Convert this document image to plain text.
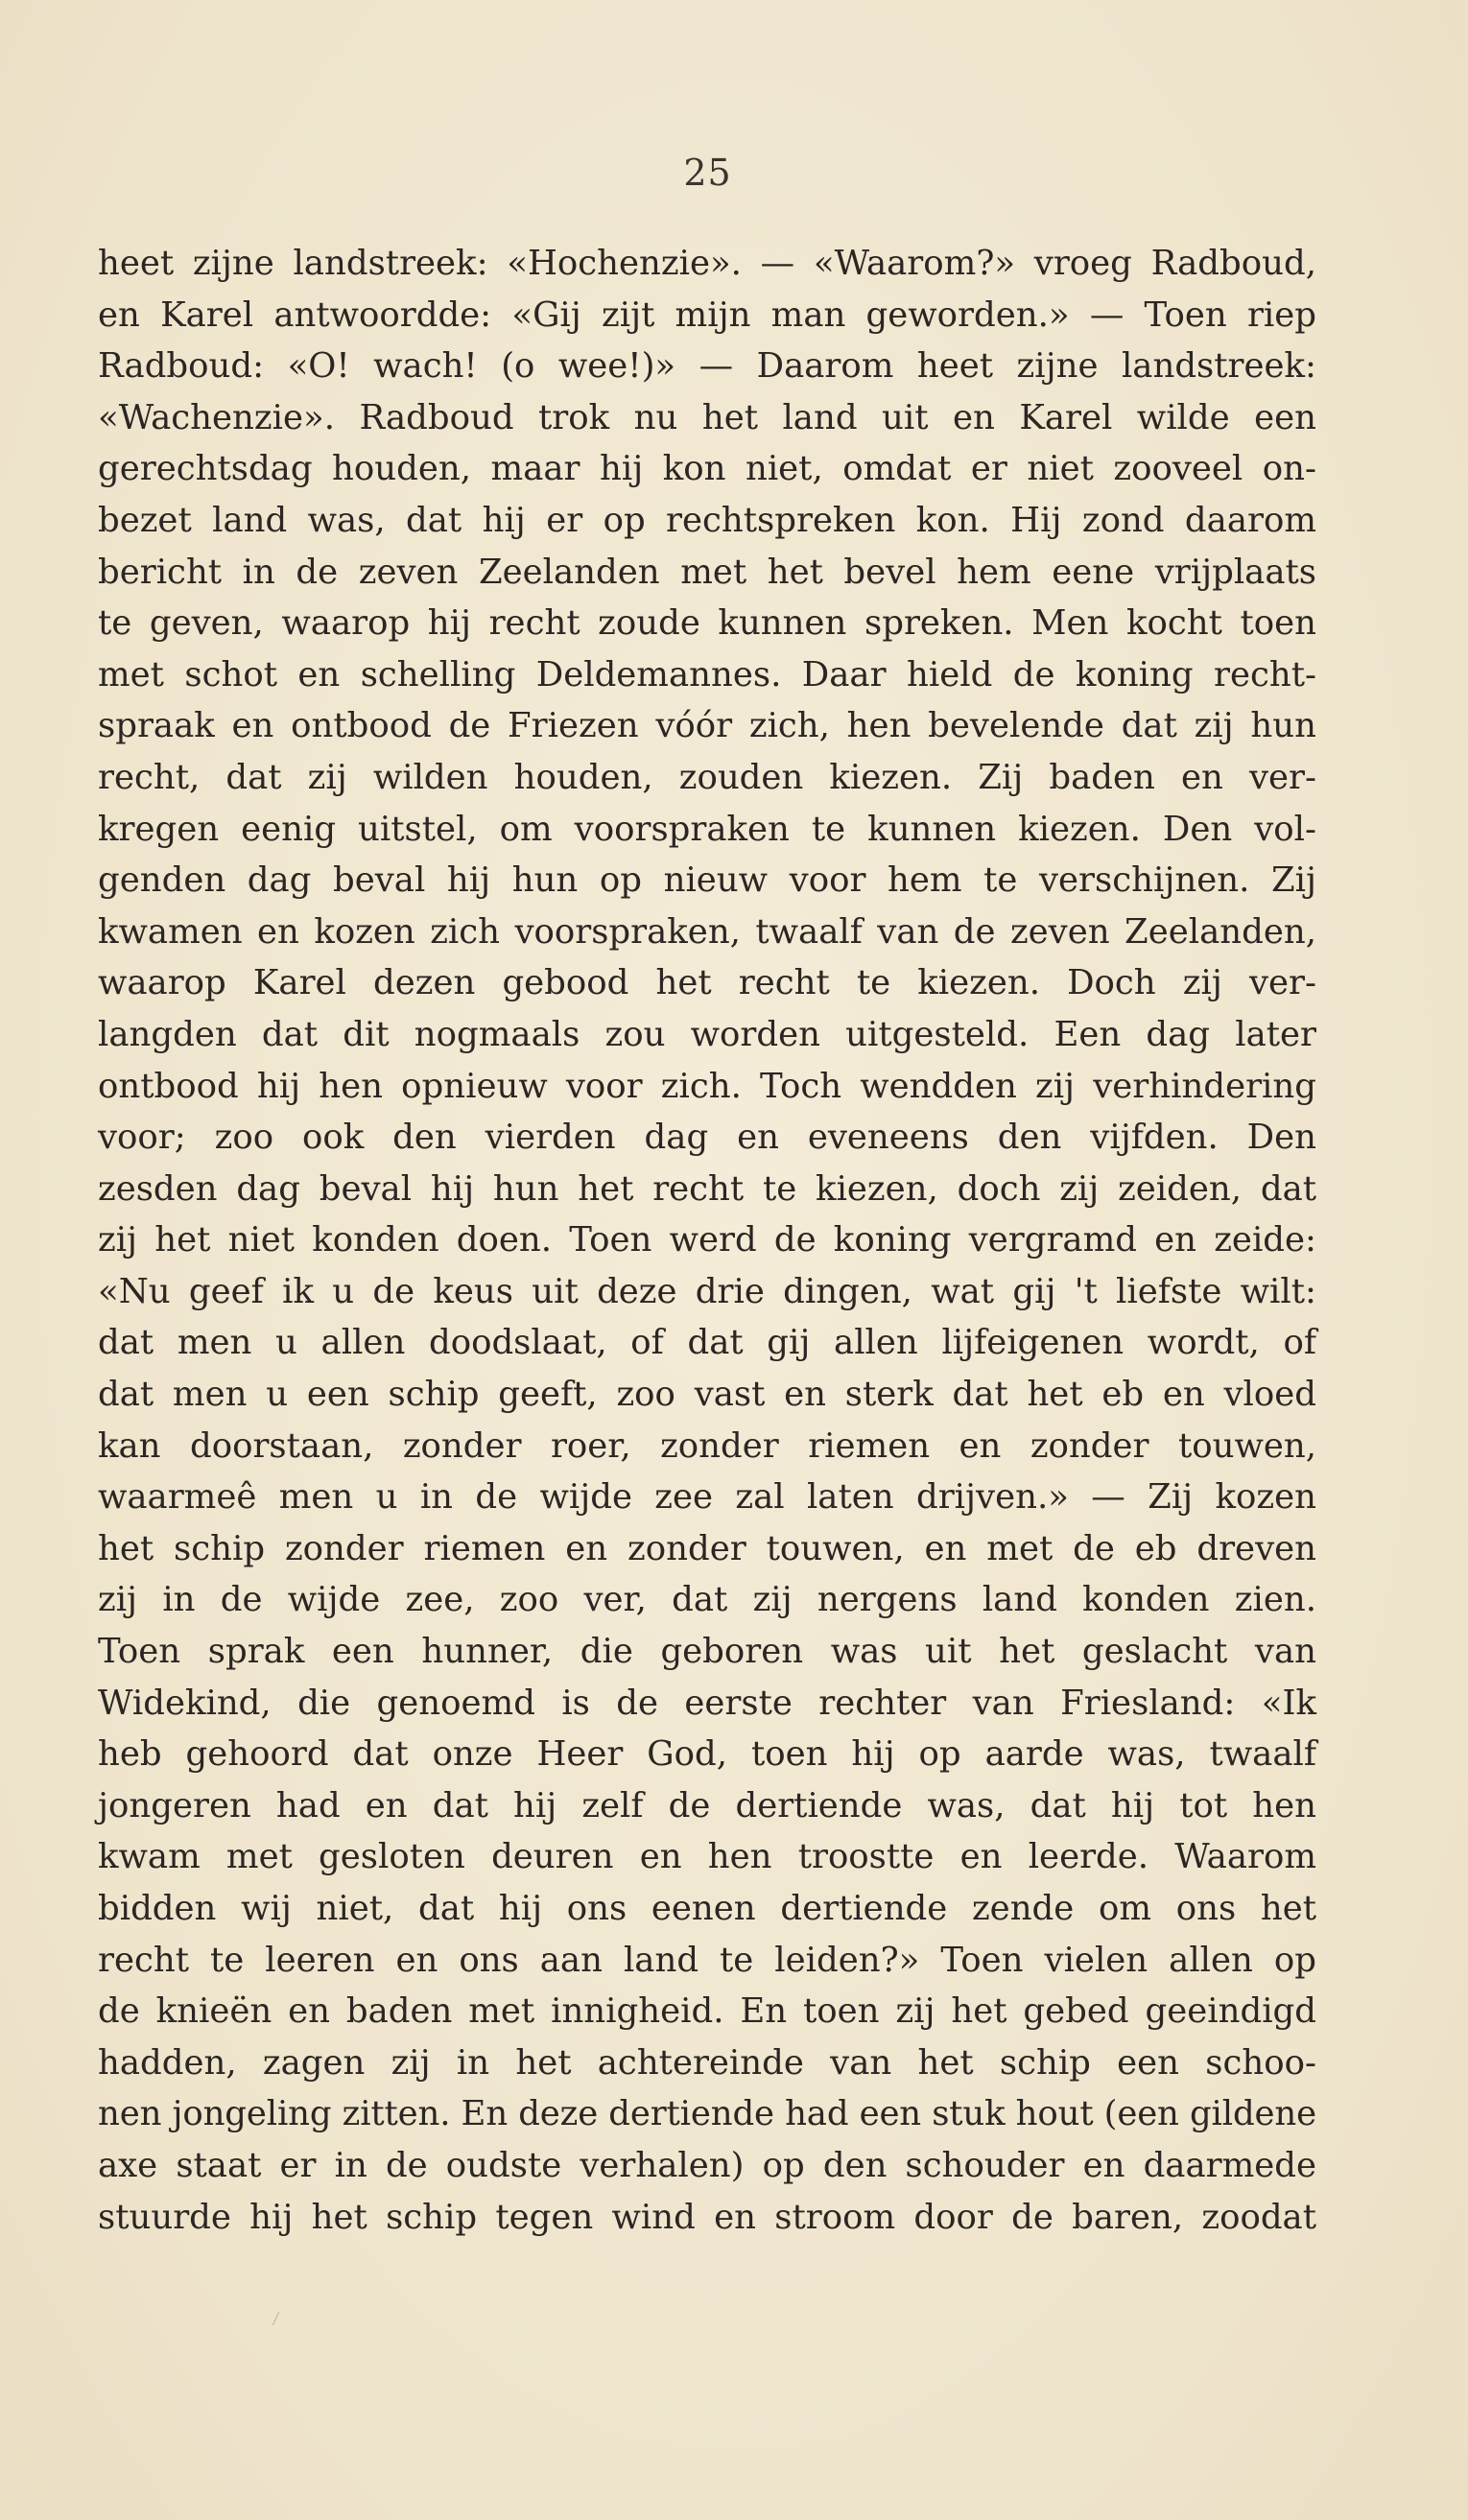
25
heet zijne landstreek: «Hochenzie». — «Waarom?» vroeg Radboud,
en Karel antwoordde: «Gij zijt mijn man geworden.» — Toen riep
Radboud: «O! wach! (o wee!)» — Daarom heet zijne landstreek:
«Wachenzie». Radboud trok nu het land uit en Karel wilde een
gerechtsdag houden, maar hij kon niet, omdat er niet zooveel on-
bezet land was, dat hij er op rechtspreken kon. Hij zond daarom
bericht in de zeven Zeelanden met het bevel hem eene vrijplaats
te geven, waarop hij recht zoude kunnen spreken. Men kocht toen
met schot en schelling Deldemannes. Daar hield de koning recht-
spraak en ontbood de Friezen vóór zich, hen bevelende dat zij hun
recht, dat zij wilden houden, zouden kiezen. Zij baden en ver-
kregen eenig uitstel, om voorspraken te kunnen kiezen. Den vol-
genden dag beval hij hun op nieuw voor hem te verschijnen. Zij
kwamen en kozen zich voorspraken, twaalf van de zeven Zeelanden,
waarop Karel dezen gebood het recht te kiezen. Doch zij ver-
langden dat dit nogmaals zou worden uitgesteld. Een dag later
ontbood hij hen opnieuw voor zich. Toch wendden zij verhindering
voor; zoo ook den vierden dag en eveneens den vijfden. Den
zesden dag beval hij hun het recht te kiezen, doch zij zeiden, dat
zij het niet konden doen. Toen werd de koning vergramd en zeide:
«Nu geef ik u de keus uit deze drie dingen, wat gij 't liefste wilt:
dat men u allen doodslaat, of dat gij allen lijfeigenen wordt, of
dat men u een schip geeft, zoo vast en sterk dat het eb en vloed
kan doorstaan, zonder roer, zonder riemen en zonder touwen,
waarmeê men u in de wijde zee zal laten drijven.» — Zij kozen
het schip zonder riemen en zonder touwen, en met de eb dreven
zij in de wijde zee, zoo ver, dat zij nergens land konden zien.
Toen sprak een hunner, die geboren was uit het geslacht van
Widekind, die genoemd is de eerste rechter van Friesland: «Ik
heb gehoord dat onze Heer God, toen hij op aarde was, twaalf
jongeren had en dat hij zelf de dertiende was, dat hij tot hen
kwam met gesloten deuren en hen troostte en leerde. Waarom
bidden wij niet, dat hij ons eenen dertiende zende om ons het
recht te leeren en ons aan land te leiden?» Toen vielen allen op
de knieën en baden met innigheid. En toen zij het gebed geeindigd
hadden, zagen zij in het achtereinde van het schip een schoo-
nen jongeling zitten. En deze dertiende had een stuk hout (een gildene
axe staat er in de oudste verhalen) op den schouder en daarmede
stuurde hij het schip tegen wind en stroom door de baren, zoodat
